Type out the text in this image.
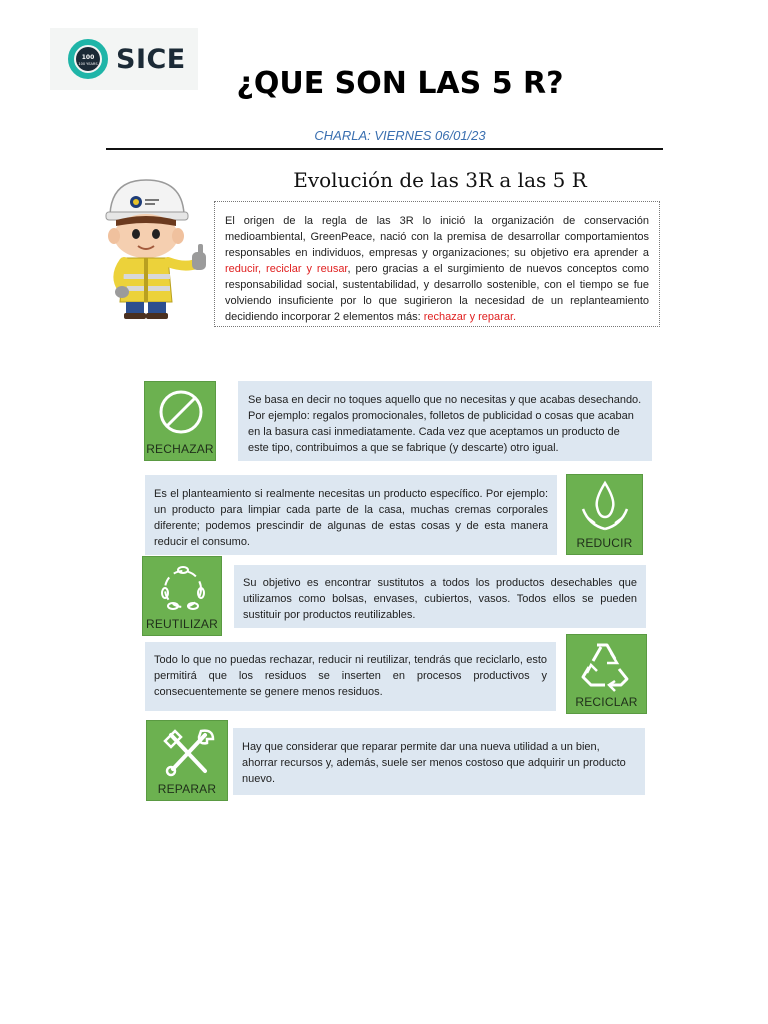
100
100 YEARS SICE
¿QUE SON LAS 5 R?
CHARLA: VIERNES 06/01/23
Evolución de las 3R a las 5 R
El origen de la regla de las 3R lo inició la organización de conservación medioambiental, GreenPeace, nació con la premisa de desarrollar comportamientos responsables en individuos, empresas y organizaciones; su objetivo era aprender a reducir, reciclar y reusar, pero gracias a el surgimiento de nuevos conceptos como responsabilidad social, sustentabilidad, y desarrollo sostenible, con el tiempo se fue volviendo insuficiente por lo que sugirieron la necesidad de un replanteamiento decidiendo incorporar 2 elementos más: rechazar y reparar.
RECHAZAR
Se basa en decir no toques aquello que no necesitas y que acabas desechando. Por ejemplo: regalos promocionales, folletos de publicidad o cosas que acaban en la basura casi inmediatamente. Cada vez que aceptamos un producto de este tipo, contribuimos a que se fabrique (y descarte) otro igual.
Es el planteamiento si realmente necesitas un producto específico. Por ejemplo: un producto para limpiar cada parte de la casa, muchas cremas corporales diferente; podemos prescindir de algunas de estas cosas y de esta manera reducir el consumo.	REDUCIR
REUTILIZAR
Su objetivo es encontrar sustitutos a todos los productos desechables que utilizamos como bolsas, envases, cubiertos, vasos. Todos ellos se pueden sustituir por productos reutilizables.
Todo lo que no puedas rechazar, reducir ni reutilizar, tendrás que reciclarlo, esto permitirá que los residuos se inserten en procesos productivos y consecuentemente se genere menos residuos.
RECICLAR
REPARAR
Hay que considerar que reparar permite dar una nueva utilidad a un bien, ahorrar recursos y, además, suele ser menos costoso que adquirir un producto nuevo.
